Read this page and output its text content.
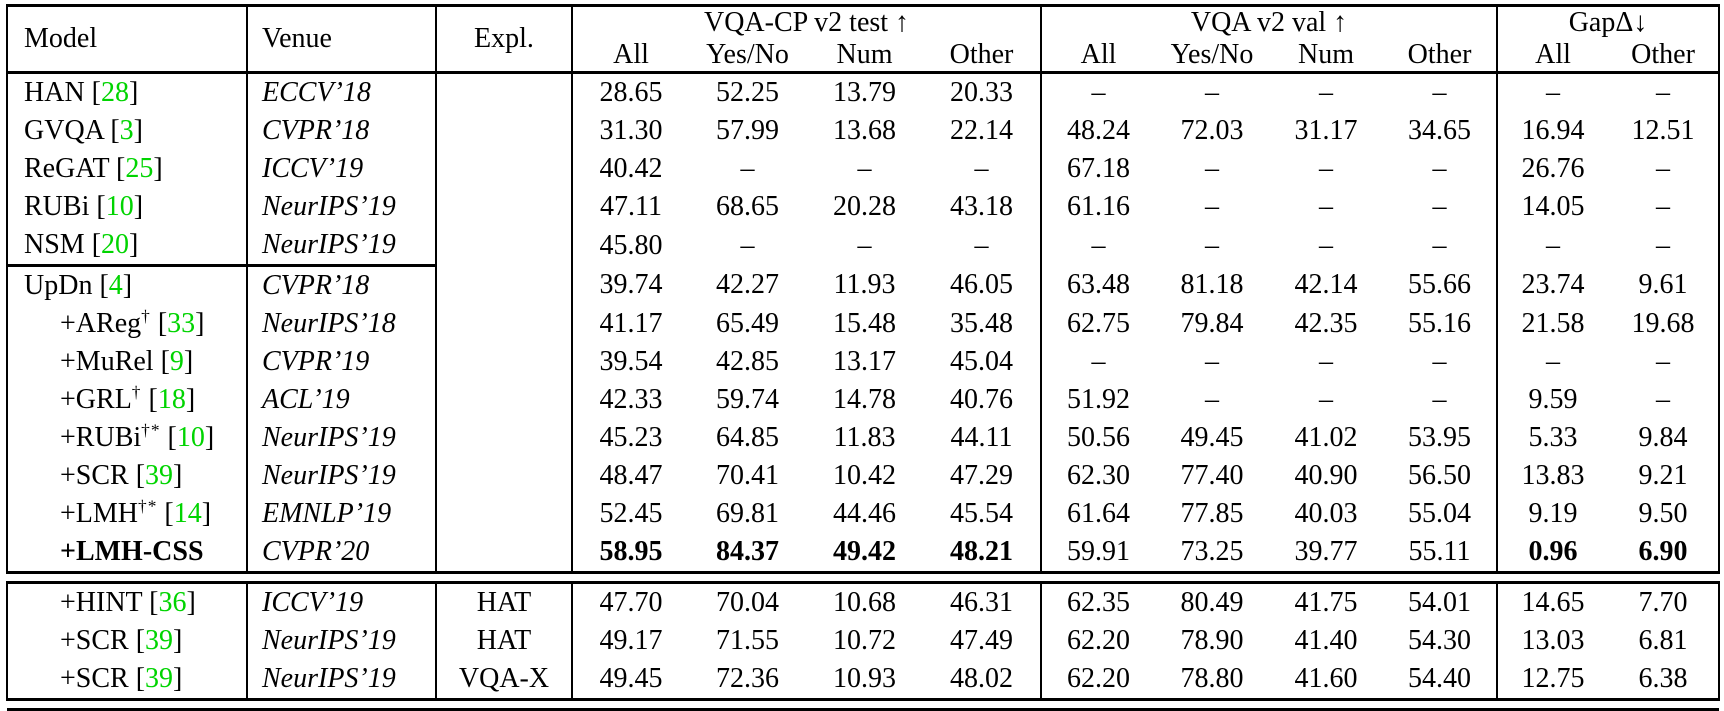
Model	Venue	Expl.	VQA-CP v2 test ↑				VQA v2 val ↑				GapΔ↓	
			All	Yes/No	Num	Other	All	Yes/No	Num	Other	All	Other
HAN [28]	ECCV’18		28.65	52.25	13.79	20.33	–	–	–	–	–	–
GVQA [3]	CVPR’18		31.30	57.99	13.68	22.14	48.24	72.03	31.17	34.65	16.94	12.51
ReGAT [25]	ICCV’19		40.42	–	–	–	67.18	–	–	–	26.76	–
RUBi [10]	NeurIPS’19		47.11	68.65	20.28	43.18	61.16	–	–	–	14.05	–
NSM [20]	NeurIPS’19		45.80	–	–	–	–	–	–	–	–	–
UpDn [4]	CVPR’18		39.74	42.27	11.93	46.05	63.48	81.18	42.14	55.66	23.74	9.61
+AReg† [33]	NeurIPS’18		41.17	65.49	15.48	35.48	62.75	79.84	42.35	55.16	21.58	19.68
+MuRel [9]	CVPR’19		39.54	42.85	13.17	45.04	–	–	–	–	–	–
+GRL† [18]	ACL’19		42.33	59.74	14.78	40.76	51.92	–	–	–	9.59	–
+RUBi†* [10]	NeurIPS’19		45.23	64.85	11.83	44.11	50.56	49.45	41.02	53.95	5.33	9.84
+SCR [39]	NeurIPS’19		48.47	70.41	10.42	47.29	62.30	77.40	40.90	56.50	13.83	9.21
+LMH†* [14]	EMNLP’19		52.45	69.81	44.46	45.54	61.64	77.85	40.03	55.04	9.19	9.50
+LMH-CSS	CVPR’20		58.95	84.37	49.42	48.21	59.91	73.25	39.77	55.11	0.96	6.90

+HINT [36]	ICCV’19	HAT	47.70	70.04	10.68	46.31	62.35	80.49	41.75	54.01	14.65	7.70
+SCR [39]	NeurIPS’19	HAT	49.17	71.55	10.72	47.49	62.20	78.90	41.40	54.30	13.03	6.81
+SCR [39]	NeurIPS’19	VQA-X	49.45	72.36	10.93	48.02	62.20	78.80	41.60	54.40	12.75	6.38
